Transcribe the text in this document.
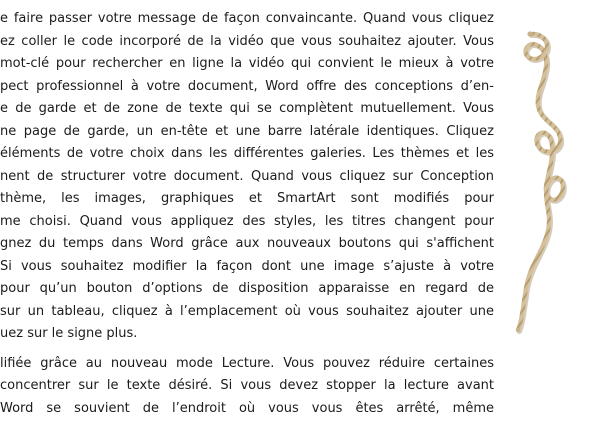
e faire passer votre message de façon convaincante. Quand vous cliquez
ez coller le code incorporé de la vidéo que vous souhaitez ajouter. Vous
mot-clé pour rechercher en ligne la vidéo qui convient le mieux à votre
pect professionnel à votre document, Word offre des conceptions d’en-
e de garde et de zone de texte qui se complètent mutuellement. Vous
ne page de garde, un en-tête et une barre latérale identiques. Cliquez
éléments de votre choix dans les différentes galeries. Les thèmes et les
nent de structurer votre document. Quand vous cliquez sur Conception
thème, les images, graphiques et SmartArt sont modifiés pour
me choisi. Quand vous appliquez des styles, les titres changent pour
gnez du temps dans Word grâce aux nouveaux boutons qui s'affichent
Si vous souhaitez modifier la façon dont une image s’ajuste à votre
pour qu’un bouton d’options de disposition apparaisse en regard de
sur un tableau, cliquez à l’emplacement où vous souhaitez ajouter une
uez sur le signe plus.
lifiée grâce au nouveau mode Lecture. Vous pouvez réduire certaines
concentrer sur le texte désiré. Si vous devez stopper la lecture avant
Word se souvient de l’endroit où vous vous êtes arrêté, même
